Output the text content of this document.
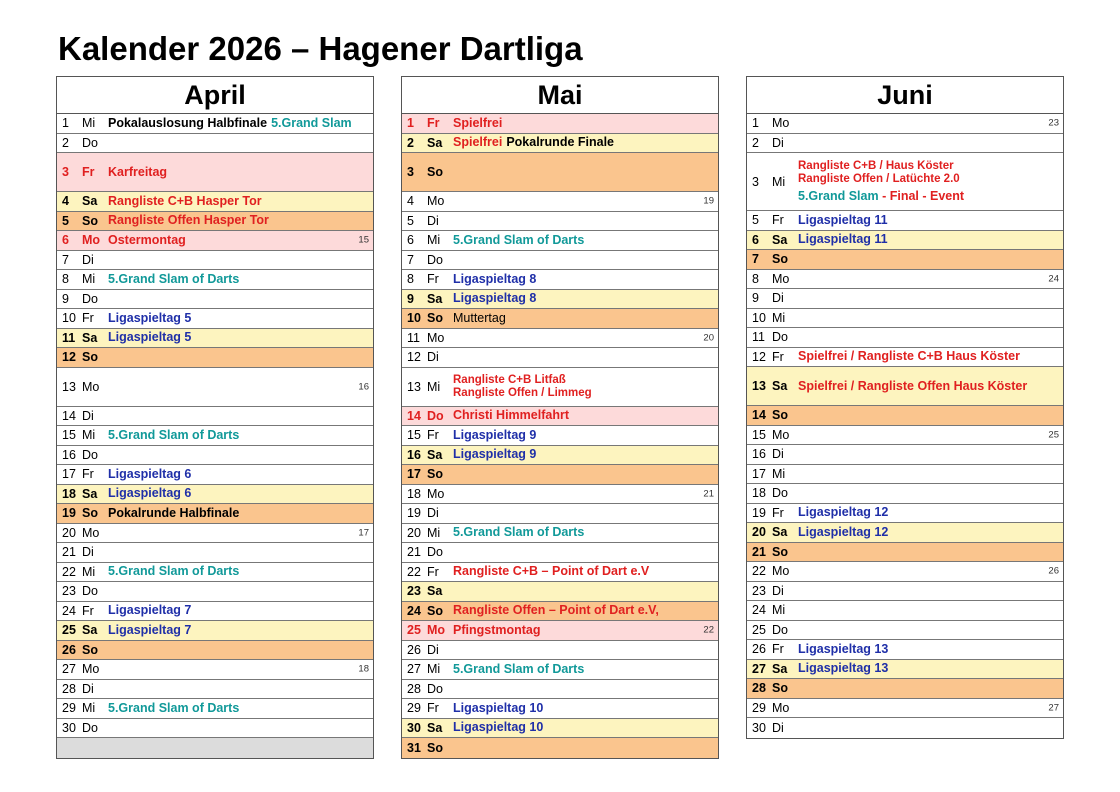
Kalender 2026 – Hagener Dartliga
April
1	Mi	Pokalauslosung Halbfinale 5.Grand Slam
2	Do
3	Fr	Karfreitag
4	Sa Rangliste C+B Hasper Tor
5	So Rangliste Offen Hasper Tor
6	Mo Ostermontag	15
7	Di
8	Mi	5.Grand Slam of Darts
9	Do
10 Fr	Ligaspieltag 5
11 Sa Ligaspieltag 5
12 So
13 Mo	16
14 Di
15 Mi	5.Grand Slam of Darts
16 Do
17 Fr	Ligaspieltag 6
18 Sa Ligaspieltag 6
19 So Pokalrunde Halbfinale
20 Mo	17
21 Di
22 Mi	5.Grand Slam of Darts
23 Do
24 Fr	Ligaspieltag 7
25 Sa Ligaspieltag 7
26 So
27 Mo	18
28 Di
29 Mi	5.Grand Slam of Darts
30 Do
Mai
1	Fr	Spielfrei
2	Sa Spielfrei Pokalrunde Finale
3	So
4	Mo	19
5	Di
6	Mi	5.Grand Slam of Darts
7	Do
8	Fr	Ligaspieltag 8
9	Sa Ligaspieltag 8
10 So Muttertag
11 Mo	20
12 Di
13 Mi	Rangliste C+B Litfaß
Rangliste Offen / Limmeg
14 Do Christi Himmelfahrt
15 Fr	Ligaspieltag 9
16 Sa Ligaspieltag 9
17 So
18 Mo	21
19 Di
20 Mi	5.Grand Slam of Darts
21 Do
22 Fr	Rangliste C+B – Point of Dart e.V
23 Sa
24 So Rangliste Offen – Point of Dart e.V,
25 Mo Pfingstmontag	22
26 Di
27 Mi	5.Grand Slam of Darts
28 Do
29 Fr	Ligaspieltag 10
30 Sa Ligaspieltag 10
31 So
Juni
1	Mo	23
2	Di
3	Mi
Rangliste C+B / Haus Köster
Rangliste Offen / Latüchte 2.0
5.Grand Slam - Final - Event
5	Fr	Ligaspieltag 11
6	Sa Ligaspieltag 11
7	So
8	Mo	24
9	Di
10 Mi
11 Do
12 Fr	Spielfrei / Rangliste C+B Haus Köster
13 Sa Spielfrei / Rangliste Offen Haus Köster
14 So
15 Mo	25
16 Di
17 Mi
18 Do
19 Fr	Ligaspieltag 12
20 Sa Ligaspieltag 12
21 So
22 Mo	26
23 Di
24 Mi
25 Do
26 Fr	Ligaspieltag 13
27 Sa Ligaspieltag 13
28 So
29 Mo	27
30 Di
